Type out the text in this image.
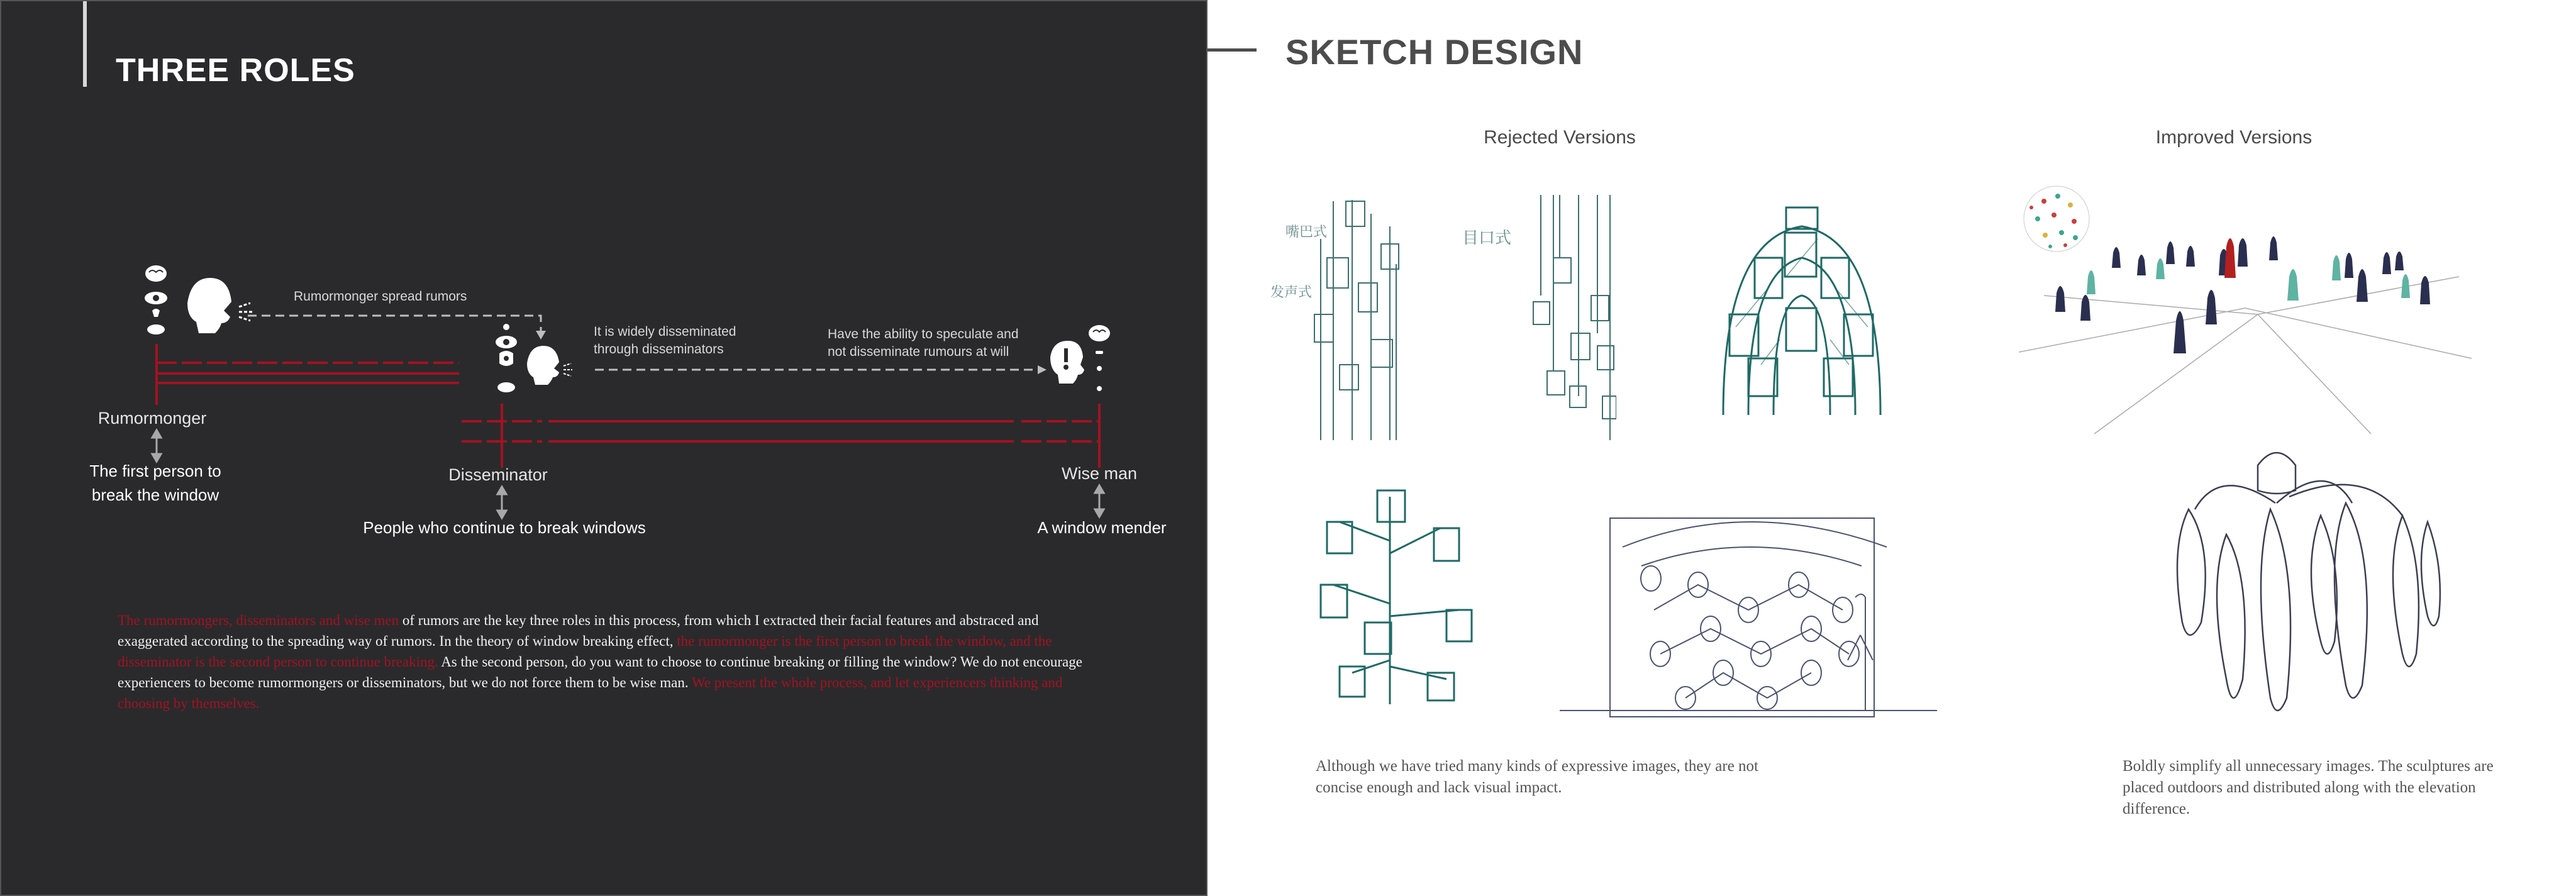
THREE ROLES
Rumormonger spread rumors
It is widely disseminated
through disseminators
Have the ability to speculate and
not disseminate rumours at will
Rumormonger
The first person to
break the window
Disseminator
People who continue to break windows
Wise man
A window mender
The rumormongers, disseminators and wise men of rumors are the key three roles in this process, from which I extracted their facial features and abstraced and exaggerated according to the spreading way of rumors. In the theory of window breaking effect, the rumormonger is the first person to break the window, and the disseminator is the second person to continue breaking. As the second person, do you want to choose to continue breaking or filling the window? We do not encourage experiencers to become rumormongers or disseminators, but we do not force them to be wise man. We present the whole process, and let experiencers thinking and choosing by themselves.
SKETCH DESIGN
Rejected Versions	Improved Versions
嘴巴式
发声式
目口式
Although we have tried many kinds of expressive images, they are not concise enough and lack visual impact.
Boldly simplify all unnecessary images. The sculptures are placed outdoors and distributed along with the elevation difference.
